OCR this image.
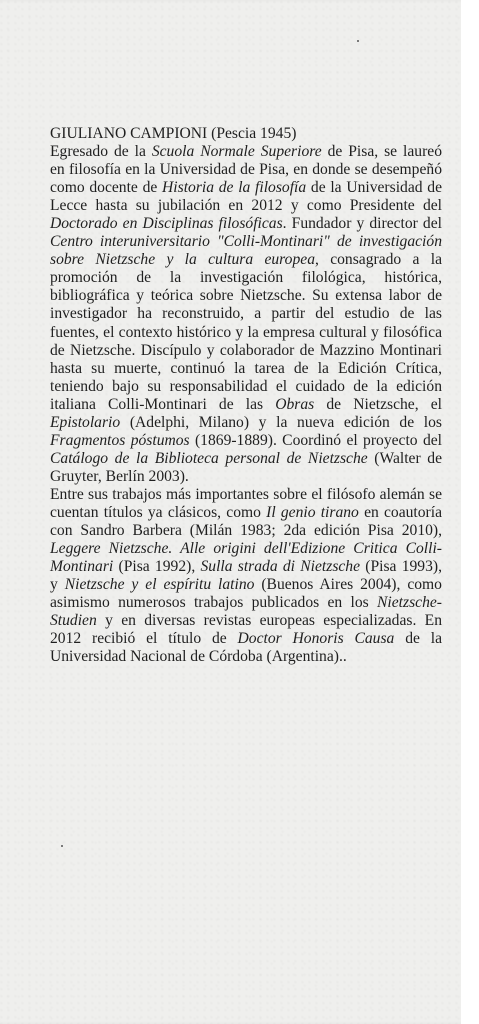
GIULIANO CAMPIONI (Pescia 1945)

Egresado de la Scuola Normale Superiore de Pisa, se laureó en filosofía en la Universidad de Pisa, en donde se desempeñó como docente de Historia de la filosofía de la Universidad de Lecce hasta su jubilación en 2012 y como Presidente del Doctorado en Disciplinas filosóficas. Fundador y director del Centro interuniversitario "Colli-Montinari" de investigación sobre Nietzsche y la cultura europea, consagrado a la promoción de la investigación filológica, histórica, bibliográfica y teórica sobre Nietzsche. Su extensa labor de investigador ha reconstruido, a partir del estudio de las fuentes, el contexto histórico y la empresa cultural y filosófica de Nietzsche. Discípulo y colaborador de Mazzino Montinari hasta su muerte, continuó la tarea de la Edición Crítica, teniendo bajo su responsabilidad el cuidado de la edición italiana Colli-Montinari de las Obras de Nietzsche, el Epistolario (Adelphi, Milano) y la nueva edición de los Fragmentos póstumos (1869-1889). Coordinó el proyecto del Catálogo de la Biblioteca personal de Nietzsche (Walter de Gruyter, Berlín 2003).

Entre sus trabajos más importantes sobre el filósofo alemán se cuentan títulos ya clásicos, como Il genio tirano en coautoría con Sandro Barbera (Milán 1983; 2da edición Pisa 2010), Leggere Nietzsche. Alle origini dell'Edizione Critica Colli-Montinari (Pisa 1992), Sulla strada di Nietzsche (Pisa 1993), y Nietzsche y el espíritu latino (Buenos Aires 2004), como asimismo numerosos trabajos publicados en los Nietzsche-Studien y en diversas revistas europeas especializadas. En 2012 recibió el título de Doctor Honoris Causa de la Universidad Nacional de Córdoba (Argentina)..
